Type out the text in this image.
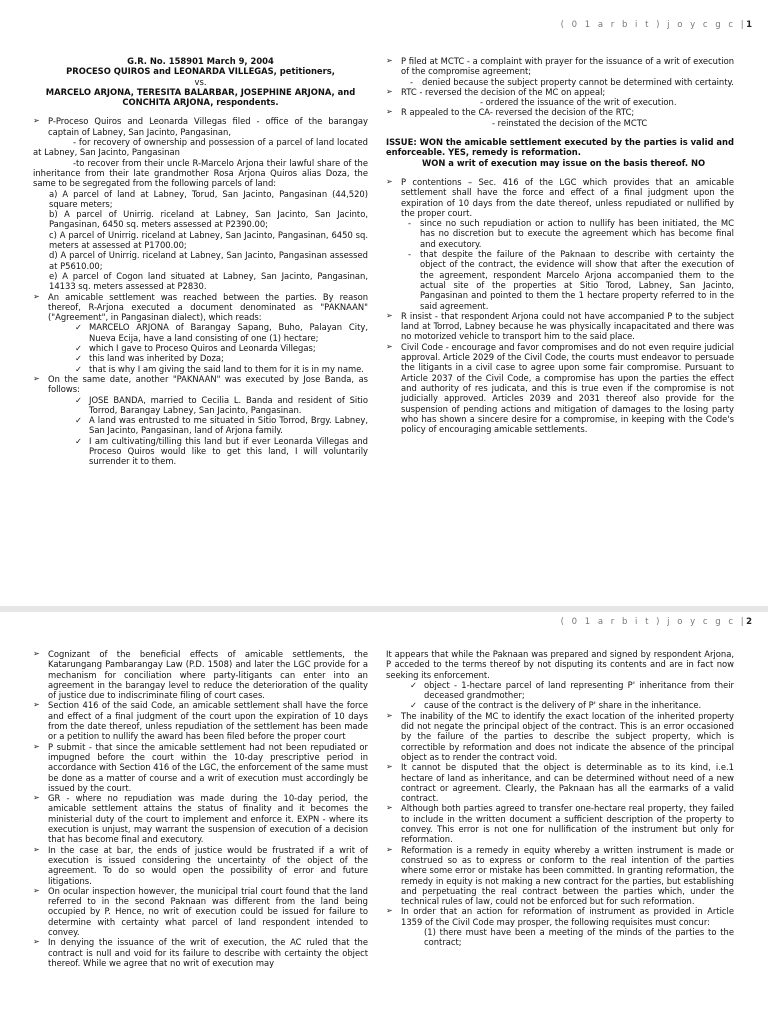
( 0 1 a r b i t ) j o y c g c |1

G.R. No. 158901 March 9, 2004

PROCESO QUIROS and LEONARDA VILLEGAS, petitioners,

vs.

MARCELO ARJONA, TERESITA BALARBAR, JOSEPHINE ARJONA, and CONCHITA ARJONA, respondents.

➢ P-Proceso Quiros and Leonarda Villegas filed - office of the barangay captain of Labney, San Jacinto, Pangasinan,

- for recovery of ownership and possession of a parcel of land located at Labney, San Jacinto, Pangasinan

-to recover from their uncle R-Marcelo Arjona their lawful share of the inheritance from their late grandmother Rosa Arjona Quiros alias Doza, the same to be segregated from the following parcels of land:

a) A parcel of land at Labney, Torud, San Jacinto, Pangasinan (44,520) square meters;

b) A parcel of Unirrig. riceland at Labney, San Jacinto, San Jacinto, Pangasinan, 6450 sq. meters assessed at P2390.00;

c) A parcel of Unirrig. riceland at Labney, San Jacinto, Pangasinan, 6450 sq. meters at assessed at P1700.00;

d) A parcel of Unirrig. riceland at Labney, San Jacinto, Pangasinan assessed at P5610.00;

e) A parcel of Cogon land situated at Labney, San Jacinto, Pangasinan, 14133 sq. meters assessed at P2830.

➢ An amicable settlement was reached between the parties. By reason thereof, R-Arjona executed a document denominated as "PAKNAAN" ("Agreement", in Pangasinan dialect), which reads:

✓ MARCELO ARJONA of Barangay Sapang, Buho, Palayan City, Nueva Ecija, have a land consisting of one (1) hectare;

✓ which I gave to Proceso Quiros and Leonarda Villegas;

✓ this land was inherited by Doza;

✓ that is why I am giving the said land to them for it is in my name.

➢ On the same date, another "PAKNAAN" was executed by Jose Banda, as follows:

✓ JOSE BANDA, married to Cecilia L. Banda and resident of Sitio Torrod, Barangay Labney, San Jacinto, Pangasinan.

✓ A land was entrusted to me situated in Sitio Torrod, Brgy. Labney, San Jacinto, Pangasinan, land of Arjona family.

✓ I am cultivating/tilling this land but if ever Leonarda Villegas and Proceso Quiros would like to get this land, I will voluntarily surrender it to them.

➢ P filed at MCTC - a complaint with prayer for the issuance of a writ of execution of the compromise agreement;

- denied because the subject property cannot be determined with certainty.

➢ RTC - reversed the decision of the MC on appeal;

- ordered the issuance of the writ of execution.

➢ R appealed to the CA- reversed the decision of the RTC;

- reinstated the decision of the MCTC

ISSUE: WON the amicable settlement executed by the parties is valid and enforceable. YES, remedy is reformation.

WON a writ of execution may issue on the basis thereof. NO

➢ P contentions – Sec. 416 of the LGC which provides that an amicable settlement shall have the force and effect of a final judgment upon the expiration of 10 days from the date thereof, unless repudiated or nullified by the proper court.

- since no such repudiation or action to nullify has been initiated, the MC has no discretion but to execute the agreement which has become final and executory.

- that despite the failure of the Paknaan to describe with certainty the object of the contract, the evidence will show that after the execution of the agreement, respondent Marcelo Arjona accompanied them to the actual site of the properties at Sitio Torod, Labney, San Jacinto, Pangasinan and pointed to them the 1 hectare property referred to in the said agreement.

➢ R insist - that respondent Arjona could not have accompanied P to the subject land at Torrod, Labney because he was physically incapacitated and there was no motorized vehicle to transport him to the said place.

➢ Civil Code - encourage and favor compromises and do not even require judicial approval. Article 2029 of the Civil Code, the courts must endeavor to persuade the litigants in a civil case to agree upon some fair compromise. Pursuant to Article 2037 of the Civil Code, a compromise has upon the parties the effect and authority of res judicata, and this is true even if the compromise is not judicially approved. Articles 2039 and 2031 thereof also provide for the suspension of pending actions and mitigation of damages to the losing party who has shown a sincere desire for a compromise, in keeping with the Code's policy of encouraging amicable settlements.

( 0 1 a r b i t ) j o y c g c |2

➢ Cognizant of the beneficial effects of amicable settlements, the Katarungang Pambarangay Law (P.D. 1508) and later the LGC provide for a mechanism for conciliation where party-litigants can enter into an agreement in the barangay level to reduce the deterioration of the quality of justice due to indiscriminate filing of court cases.

➢ Section 416 of the said Code, an amicable settlement shall have the force and effect of a final judgment of the court upon the expiration of 10 days from the date thereof, unless repudiation of the settlement has been made or a petition to nullify the award has been filed before the proper court

➢ P submit - that since the amicable settlement had not been repudiated or impugned before the court within the 10-day prescriptive period in accordance with Section 416 of the LGC, the enforcement of the same must be done as a matter of course and a writ of execution must accordingly be issued by the court.

➢ GR - where no repudiation was made during the 10-day period, the amicable settlement attains the status of finality and it becomes the ministerial duty of the court to implement and enforce it. EXPN - where its execution is unjust, may warrant the suspension of execution of a decision that has become final and executory.

➢ In the case at bar, the ends of justice would be frustrated if a writ of execution is issued considering the uncertainty of the object of the agreement. To do so would open the possibility of error and future litigations.

➢ On ocular inspection however, the municipal trial court found that the land referred to in the second Paknaan was different from the land being occupied by P. Hence, no writ of execution could be issued for failure to determine with certainty what parcel of land respondent intended to convey.

➢ In denying the issuance of the writ of execution, the AC ruled that the contract is null and void for its failure to describe with certainty the object thereof. While we agree that no writ of execution may

It appears that while the Paknaan was prepared and signed by respondent Arjona, P acceded to the terms thereof by not disputing its contents and are in fact now seeking its enforcement.

✓ object - 1-hectare parcel of land representing P' inheritance from their deceased grandmother;

✓ cause of the contract is the delivery of P' share in the inheritance.

➢ The inability of the MC to identify the exact location of the inherited property did not negate the principal object of the contract. This is an error occasioned by the failure of the parties to describe the subject property, which is correctible by reformation and does not indicate the absence of the principal object as to render the contract void.

➢ It cannot be disputed that the object is determinable as to its kind, i.e.1 hectare of land as inheritance, and can be determined without need of a new contract or agreement. Clearly, the Paknaan has all the earmarks of a valid contract.

➢ Although both parties agreed to transfer one-hectare real property, they failed to include in the written document a sufficient description of the property to convey. This error is not one for nullification of the instrument but only for reformation.

➢ Reformation is a remedy in equity whereby a written instrument is made or construed so as to express or conform to the real intention of the parties where some error or mistake has been committed. In granting reformation, the remedy in equity is not making a new contract for the parties, but establishing and perpetuating the real contract between the parties which, under the technical rules of law, could not be enforced but for such reformation.

➢ In order that an action for reformation of instrument as provided in Article 1359 of the Civil Code may prosper, the following requisites must concur:

(1) there must have been a meeting of the minds of the parties to the contract;
